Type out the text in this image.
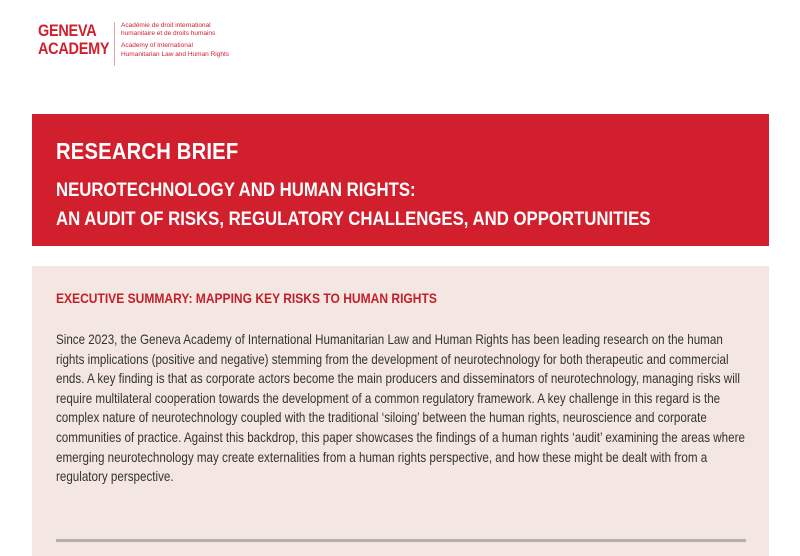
GENEVA
ACADEMY
Académie de droit international
humanitaire et de droits humains
Academy of International
Humanitarian Law and Human Rights
RESEARCH BRIEF
NEUROTECHNOLOGY AND HUMAN RIGHTS:
AN AUDIT OF RISKS, REGULATORY CHALLENGES, AND OPPORTUNITIES
EXECUTIVE SUMMARY: MAPPING KEY RISKS TO HUMAN RIGHTS

Since 2023, the Geneva Academy of International Humanitarian Law and Human Rights has been leading research on the human rights implications (positive and negative) stemming from the development of neurotechnology for both therapeutic and commercial ends. A key finding is that as corporate actors become the main producers and disseminators of neurotechnology, managing risks will require multilateral cooperation towards the development of a common regulatory framework. A key challenge in this regard is the complex nature of neurotechnology coupled with the traditional ‘siloing’ between the human rights, neuroscience and corporate communities of practice. Against this backdrop, this paper showcases the findings of a human rights ‘audit’ examining the areas where emerging neurotechnology may create externalities from a human rights perspective, and how these might be dealt with from a regulatory perspective.
